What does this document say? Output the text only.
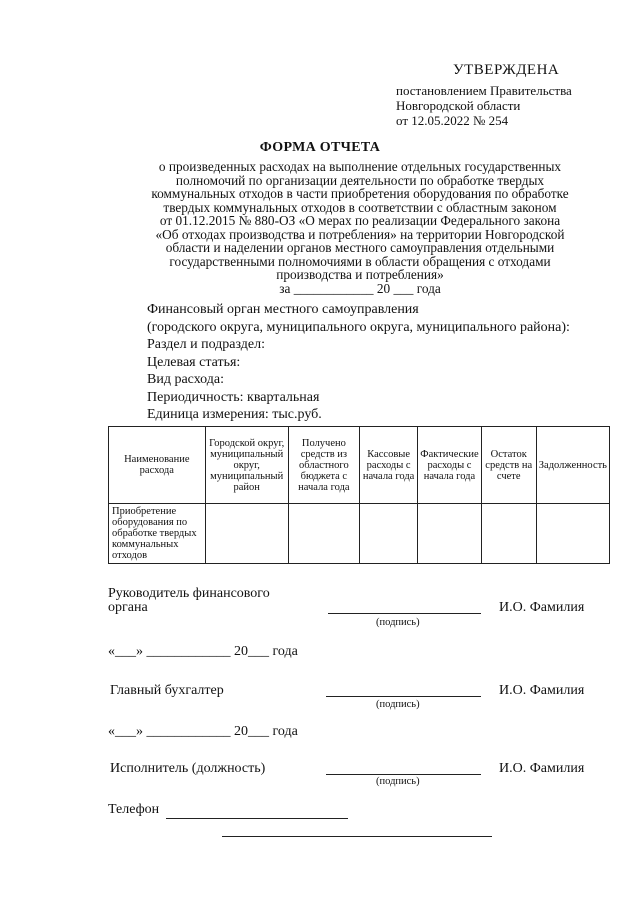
УТВЕРЖДЕНА
постановлением Правительства
Новгородской области
от 12.05.2022 № 254
ФОРМА ОТЧЕТА
о произведенных расходах на выполнение отдельных государственных
полномочий по организации деятельности по обработке твердых
коммунальных отходов в части приобретения оборудования по обработке
твердых коммунальных отходов в соответствии с областным законом
от 01.12.2015 № 880-ОЗ «О мерах по реализации Федерального закона
«Об отходах производства и потребления» на территории Новгородской
области и наделении органов местного самоуправления отдельными
государственными полномочиями в области обращения с отходами
производства и потребления»
за ____________ 20 ___ года
Финансовый орган местного самоуправления
(городского округа, муниципального округа, муниципального района):
Раздел и подраздел:
Целевая статья:
Вид расхода:
Периодичность: квартальная
Единица измерения: тыс.руб.
Наименование расхода	Городской округ, муниципальный округ, муниципальный район	Получено средств из областного бюджета с начала года	Кассовые расходы с начала года	Фактические расходы с начала года	Остаток средств на счете	Задолженность
Приобретение оборудования по обработке твердых коммунальных отходов						
Руководитель финансового
органа	И.О. Фамилия
(подпись)
«___» ____________ 20___ года
Главный бухгалтер	И.О. Фамилия
(подпись)
«___» ____________ 20___ года
Исполнитель (должность)	И.О. Фамилия
(подпись)
Телефон
